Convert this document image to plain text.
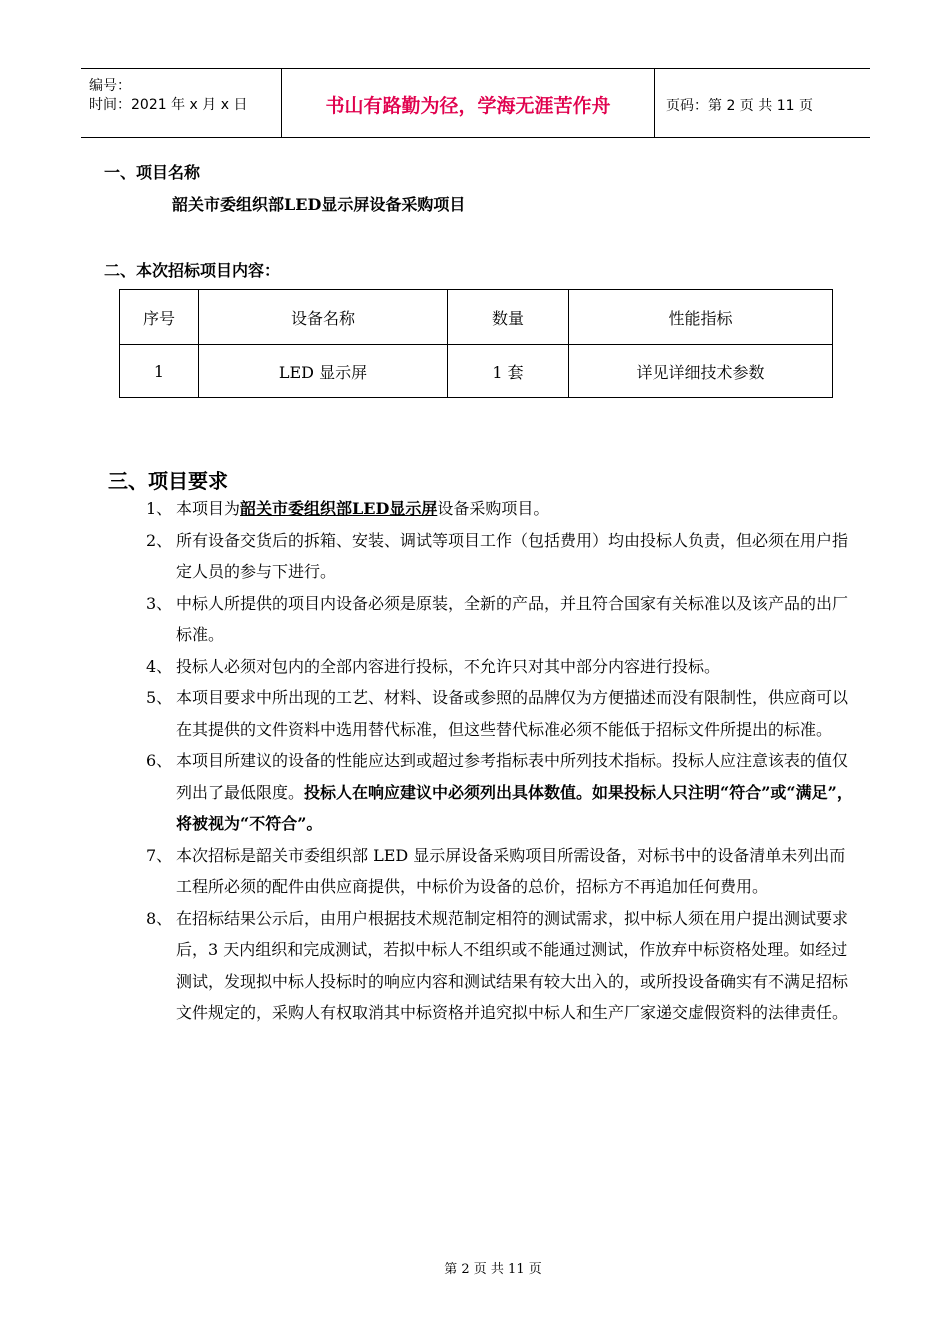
编号：
时间：2021 年 x 月 x 日	书山有路勤为径，学海无涯苦作舟	页码：第 2 页 共 11 页
一、项目名称
韶关市委组织部LED显示屏设备采购项目
二、本次招标项目内容：
序号	设备名称	数量	性能指标
1	LED 显示屏	1 套	详见详细技术参数
三、项目要求
1、 本项目为韶关市委组织部LED显示屏设备采购项目。
2、 所有设备交货后的拆箱、安装、调试等项目工作（包括费用）均由投标人负责，但必须在用户指定人员的参与下进行。
3、 中标人所提供的项目内设备必须是原装，全新的产品，并且符合国家有关标准以及该产品的出厂标准。
4、 投标人必须对包内的全部内容进行投标，不允许只对其中部分内容进行投标。
5、 本项目要求中所出现的工艺、材料、设备或参照的品牌仅为方便描述而没有限制性，供应商可以在其提供的文件资料中选用替代标准，但这些替代标准必须不能低于招标文件所提出的标准。
6、 本项目所建议的设备的性能应达到或超过参考指标表中所列技术指标。投标人应注意该表的值仅列出了最低限度。投标人在响应建议中必须列出具体数值。如果投标人只注明“符合”或“满足”，将被视为“不符合”。
7、 本次招标是韶关市委组织部 LED 显示屏设备采购项目所需设备，对标书中的设备清单未列出而工程所必须的配件由供应商提供，中标价为设备的总价，招标方不再追加任何费用。
8、 在招标结果公示后，由用户根据技术规范制定相符的测试需求，拟中标人须在用户提出测试要求后，3 天内组织和完成测试，若拟中标人不组织或不能通过测试，作放弃中标资格处理。如经过测试，发现拟中标人投标时的响应内容和测试结果有较大出入的，或所投设备确实有不满足招标文件规定的，采购人有权取消其中标资格并追究拟中标人和生产厂家递交虚假资料的法律责任。
第 2 页 共 11 页
